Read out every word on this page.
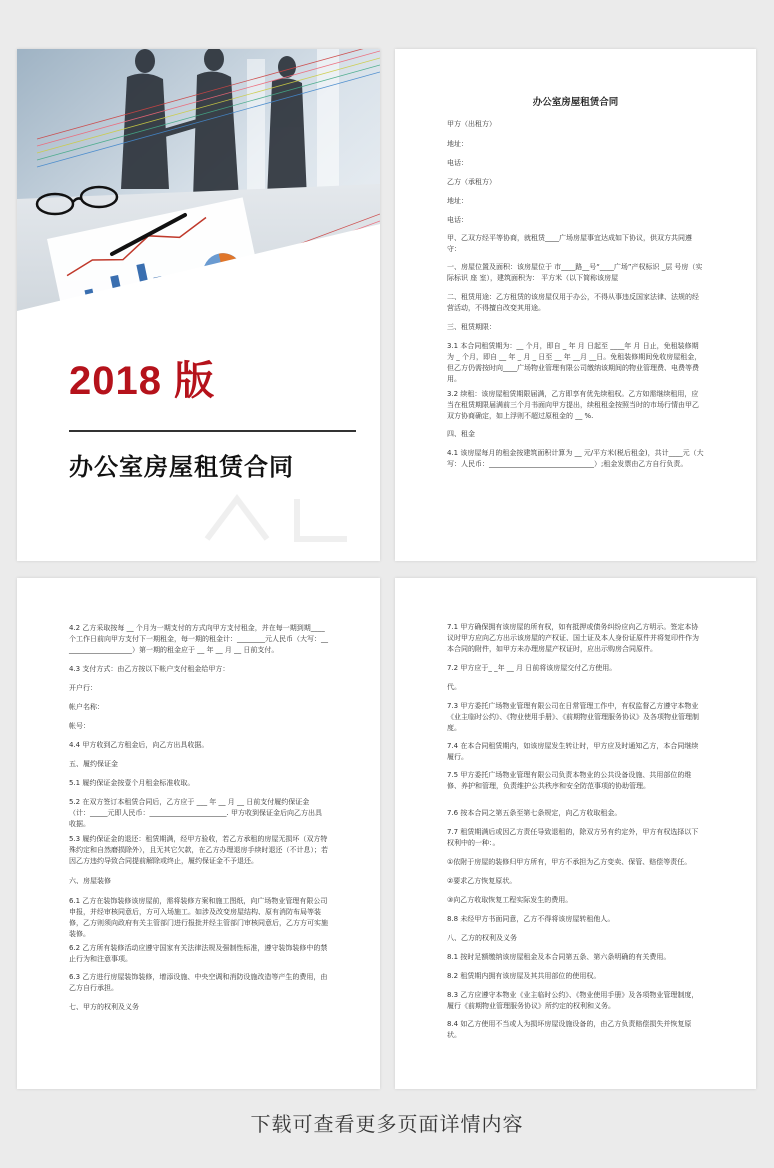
2018 版
办公室房屋租赁合同
办公室房屋租赁合同

甲方（出租方）

地址：

电话：

乙方（承租方）

地址：

电话：

甲、乙双方经平等协商，就租赁____广场房屋事宜达成如下协议，供双方共同遵守：

一、房屋位置及面积：该房屋位于 市____路__号“____广场”产权标识 _层 号房（实际标识 座 室），建筑面积为： 平方米（以下简称该房屋

二、租赁用途：乙方租赁的该房屋仅用于办公，不得从事违反国家法律、法规的经营活动，不得擅自改变其用途。

三、租赁期限：

3.1 本合同租赁期为：__ 个月，即自 _ 年 月 日起至 ____年 月 日止，免租装修期为 _ 个月，即自 __ 年 _ 月 _ 日至 __ 年 __月 __日。免租装修期间免收房屋租金，但乙方仍需按时向____广场物业管理有限公司缴纳该期间的物业管理费、电费等费用。

3.2 续租：该房屋租赁期限届满，乙方即享有优先续租权。乙方如需继续租用，应当在租赁期限届满前三个月书面向甲方提出，续租租金按照当时的市场行情由甲乙双方协商确定，如上浮则不超过原租金的 __ %.

四、租金

4.1 该房屋每月的租金按建筑面积计算为 __ 元/平方米(税后租金)，共计____元（大写：人民币：______________________________）;租金发票由乙方自行负责。

4.2 乙方采取按每 __ 个月为一期支付的方式向甲方支付租金，并在每一期到期____个工作日前向甲方支付下一期租金，每一期的租金计：________元人民币（大写：____________________）第一期的租金应于 __ 年 __ 月 __ 日前支付。

4.3 支付方式：由乙方按以下帐户支付租金给甲方：

开户行：

帐户名称：

帐号：

4.4 甲方收到乙方租金后，向乙方出具收据。

五、履约保证金

5.1 履约保证金按壹个月租金标准收取。

5.2 在双方签订本租赁合同后，乙方应于 ___ 年 __ 月 __ 日前支付履约保证金（计：_____元即人民币：______________________. 甲方收到保证金后向乙方出具收据。

5.3 履约保证金的退还：租赁期满，经甲方验收，若乙方承租的房屋无损坏（双方特殊约定和自然磨损除外），且无其它欠款，在乙方办理退房手续时退还（不计息）；若因乙方违约导致合同提前解除或终止，履约保证金不予退还。

六、房屋装修

6.1 乙方在装饰装修该房屋前，需将装修方案和施工图纸，向广场物业管理有限公司申报，并经审核同意后，方可入场施工。如涉及改变房屋结构、原有消防布局等装修，乙方则须向政府有关主管部门进行报批并经主管部门审核同意后，乙方方可实施装修。

6.2 乙方所有装修活动应遵守国家有关法律法规及强制性标准，遵守装饰装修中的禁止行为和注意事项。

6.3 乙方进行房屋装饰装修，增添设施、中央空调和消防设施改造等产生的费用，由乙方自行承担。

七、甲方的权利及义务

7.1 甲方确保拥有该房屋的所有权，如有抵押或债务纠纷应向乙方明示。签定本协议时甲方应向乙方出示该房屋的产权证、国土证及本人身份证原件并将复印件作为本合同的附件，如甲方未办理房屋产权证时，应出示购房合同原件。

7.2 甲方应于_ _年 __ 月 日前将该房屋交付乙方使用。

代。

7.3 甲方委托广场物业管理有限公司在日常管理工作中，有权监督乙方遵守本物业《业主临时公约》、《物业使用手册》、《前期物业管理服务协议》及各项物业管理制度。

7.4 在本合同租赁期内，如该房屋发生转让时，甲方应及时通知乙方，本合同继续履行。

7.5 甲方委托广场物业管理有限公司负责本物业的公共设备设施、共用部位的维修、养护和管理，负责维护公共秩序和安全防范事项的协助管理。

7.6 按本合同之第五条至第七条规定，向乙方收取租金。

7.7 租赁期满后或因乙方责任导致退租的，除双方另有约定外，甲方有权选择以下权利中的一种：。

①依附于房屋的装修归甲方所有，甲方不承担为乙方变卖、保管、赔偿等责任。

②要求乙方恢复原状。

③向乙方收取恢复工程实际发生的费用。

8.8 未经甲方书面同意，乙方不得将该房屋转租他人。

八、乙方的权利及义务

8.1 按时足额缴纳该房屋租金及本合同第五条、第六条明确的有关费用。

8.2 租赁期内拥有该房屋及其共用部位的使用权。

8.3 乙方应遵守本物业《业主临时公约》、《物业使用手册》及各项物业管理制度，履行《前期物业管理服务协议》所约定的权利和义务。

8.4 如乙方使用不当或人为损坏房屋设施设备的，由乙方负责赔偿损失并恢复原状。

下载可查看更多页面详情内容
